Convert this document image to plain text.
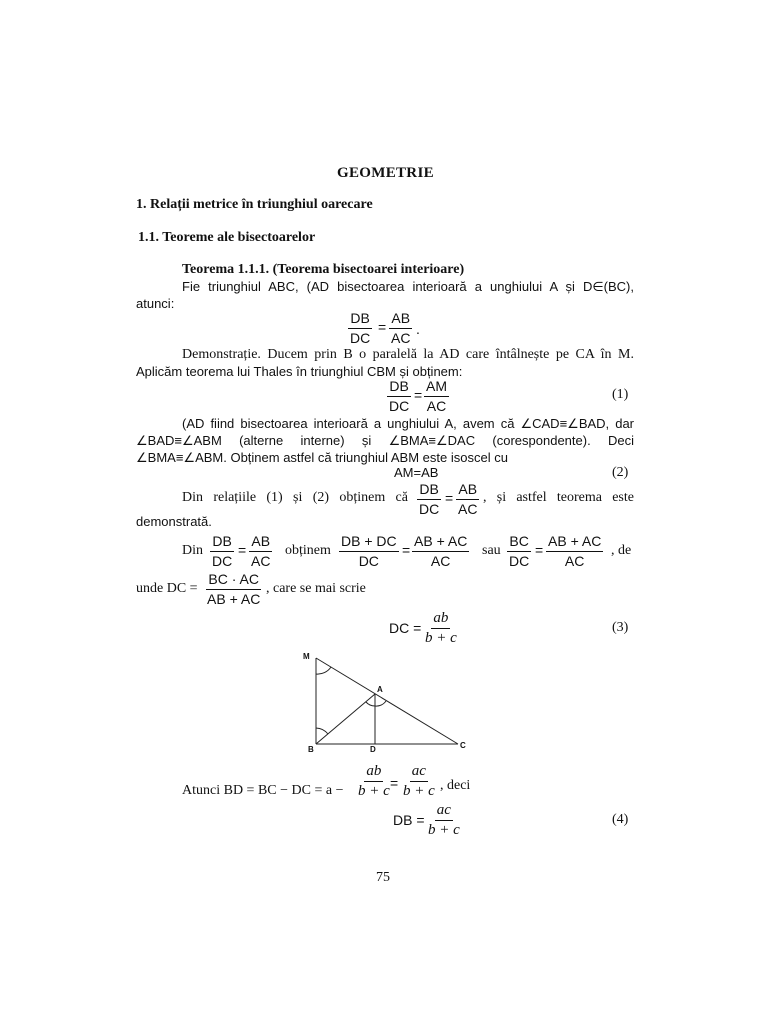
GEOMETRIE
1. Relații metrice în triunghiul oarecare
1.1. Teoreme ale bisectoarelor
Teorema 1.1.1. (Teorema bisectoarei interioare)
Fie triunghiul ABC, (AD bisectoarea interioară a unghiului A și D∈(BC),
atunci:
$\frac{DB}{DC} = \frac{AB}{AC}$ .
Demonstrație. Ducem prin B o paralelă la AD care întâlnește pe CA în M.
Aplicăm teorema lui Thales în triunghiul CBM și obținem:
$\frac{DB}{DC} = \frac{AM}{AC}$	(1)
(AD fiind bisectoarea interioară a unghiului A, avem că ∠CAD≡∠BAD, dar
∠BAD≡∠ABM (alterne interne) și ∠BMA≡∠DAC (corespondente). Deci
∠BMA≡∠ABM. Obținem astfel că triunghiul ABM este isoscel cu
AM=AB	(2)
Din relațiile (1) și (2) obținem că $\frac{DB}{DC} = \frac{AB}{AC}$ , și astfel teorema este
demonstrată.
Din $\frac{DB}{DC} = \frac{AB}{AC}$ obținem $\frac{DB + DC}{DC} = \frac{AB + AC}{AC}$ sau $\frac{BC}{DC} = \frac{AB + AC}{AC}$ , de
unde DC = $\frac{BC \cdot AC}{AB + AC}$ , care se mai scrie
DC = $\frac{ab}{b + c}$	(3)
M
A
B	D	C
Atunci BD = BC − DC = $a - \frac{ab}{b + c}$
= $\frac{ac}{b + c}$ , deci
DB = $\frac{ac}{b + c}$	(4)
75
